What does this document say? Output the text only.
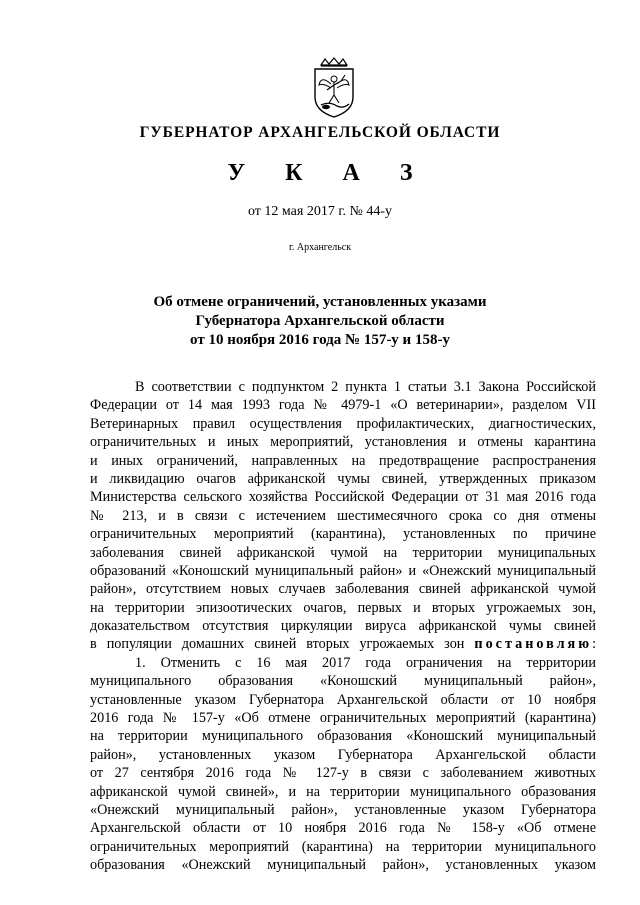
ГУБЕРНАТОР АРХАНГЕЛЬСКОЙ ОБЛАСТИ
У К А З
от 12 мая 2017 г. № 44-у
г. Архангельск
Об отмене ограничений, установленных указами
Губернатора Архангельской области
от 10 ноября 2016 года № 157-у и 158-у
В соответствии с подпунктом 2 пункта 1 статьи 3.1 Закона Российской
Федерации от 14 мая 1993 года № 4979-1 «О ветеринарии», разделом VII
Ветеринарных правил осуществления профилактических, диагностических,
ограничительных и иных мероприятий, установления и отмены карантина
и иных ограничений, направленных на предотвращение распространения
и ликвидацию очагов африканской чумы свиней, утвержденных приказом
Министерства сельского хозяйства Российской Федерации от 31 мая 2016 года
№ 213, и в связи с истечением шестимесячного срока со дня отмены
ограничительных мероприятий (карантина), установленных по причине
заболевания свиней африканской чумой на территории муниципальных
образований «Коношский муниципальный район» и «Онежский муниципальный
район», отсутствием новых случаев заболевания свиней африканской чумой
на территории эпизоотических очагов, первых и вторых угрожаемых зон,
доказательством отсутствия циркуляции вируса африканской чумы свиней
в популяции домашних свиней вторых угрожаемых зон постановляю:
1. Отменить с 16 мая 2017 года ограничения на территории
муниципального образования «Коношский муниципальный район»,
установленные указом Губернатора Архангельской области от 10 ноября
2016 года № 157-у «Об отмене ограничительных мероприятий (карантина)
на территории муниципального образования «Коношский муниципальный
район», установленных указом Губернатора Архангельской области
от 27 сентября 2016 года № 127-у в связи с заболеванием животных
африканской чумой свиней», и на территории муниципального образования
«Онежский муниципальный район», установленные указом Губернатора
Архангельской области от 10 ноября 2016 года № 158-у «Об отмене
ограничительных мероприятий (карантина) на территории муниципального
образования «Онежский муниципальный район», установленных указом
